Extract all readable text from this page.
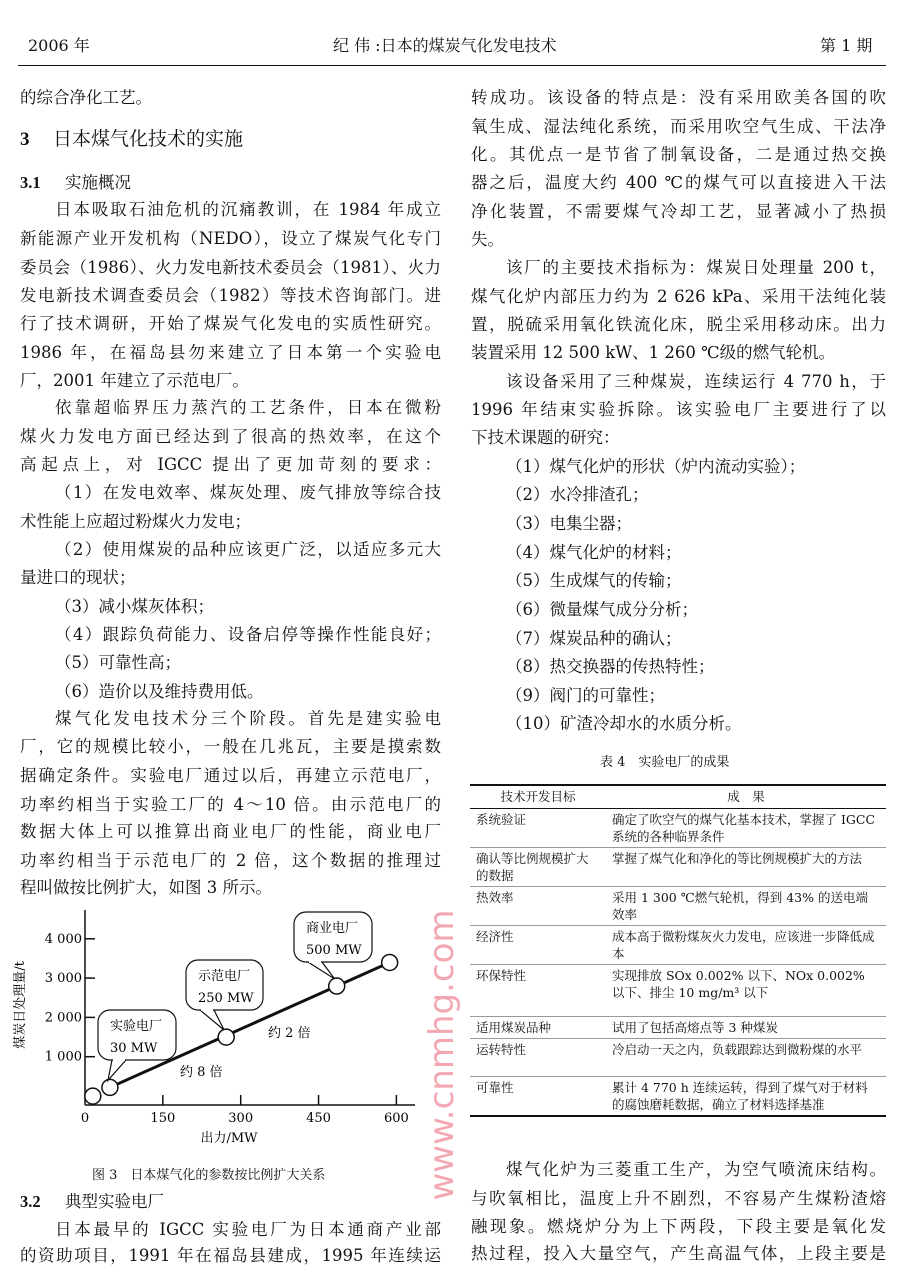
2006 年	纪 伟 :日本的煤炭气化发电技术	第 1 期
3 日本煤气化技术的实施
3.1 实施概况
3.2 典型实验电厂
的综合净化工艺。
日本吸取石油危机的沉痛教训，在 1984 年成立
新能源产业开发机构（NEDO），设立了煤炭气化专门
委员会（1986）、火力发电新技术委员会（1981）、火力
发电新技术调查委员会（1982）等技术咨询部门。进
行了技术调研，开始了煤炭气化发电的实质性研究。
1986 年，在福岛县勿来建立了日本第一个实验电
厂，2001 年建立了示范电厂。
依靠超临界压力蒸汽的工艺条件，日本在微粉
煤火力发电方面已经达到了很高的热效率，在这个
高起点上，对 IGCC 提出了更加苛刻的要求：
（1）在发电效率、煤灰处理、废气排放等综合技
术性能上应超过粉煤火力发电；
（2）使用煤炭的品种应该更广泛，以适应多元大
量进口的现状；
（3）减小煤灰体积；
（4）跟踪负荷能力、设备启停等操作性能良好；
（5）可靠性高；
（6）造价以及维持费用低。
煤气化发电技术分三个阶段。首先是建实验电
厂，它的规模比较小，一般在几兆瓦，主要是摸索数
据确定条件。实验电厂通过以后，再建立示范电厂，
功率约相当于实验工厂的 4～10 倍。由示范电厂的
数据大体上可以推算出商业电厂的性能，商业电厂
功率约相当于示范电厂的 2 倍，这个数据的推理过
程叫做按比例扩大，如图 3 所示。
日本最早的 IGCC 实验电厂为日本通商产业部
的资助项目，1991 年在福岛县建成，1995 年连续运
转成功。该设备的特点是：没有采用欧美各国的吹
氧生成、湿法纯化系统，而采用吹空气生成、干法净
化。其优点一是节省了制氧设备，二是通过热交换
器之后，温度大约 400 ℃的煤气可以直接进入干法
净化装置，不需要煤气冷却工艺，显著减小了热损
失。
该厂的主要技术指标为：煤炭日处理量 200 t，
煤气化炉内部压力约为 2 626 kPa、采用干法纯化装
置，脱硫采用氧化铁流化床，脱尘采用移动床。出力
装置采用 12 500 kW、1 260 ℃级的燃气轮机。
该设备采用了三种煤炭，连续运行 4 770 h，于
1996 年结束实验拆除。该实验电厂主要进行了以
下技术课题的研究：
（1）煤气化炉的形状（炉内流动实验）；
（2）水冷排渣孔；
（3）电集尘器；
（4）煤气化炉的材料；
（5）生成煤气的传输；
（6）微量煤气成分分析；
（7）煤炭品种的确认；
（8）热交换器的传热特性；
（9）阀门的可靠性；
（10）矿渣冷却水的水质分析。
煤气化炉为三菱重工生产，为空气喷流床结构。
与吹氧相比，温度上升不剧烈，不容易产生煤粉渣熔
融现象。燃烧炉分为上下两段，下段主要是氧化发
热过程，投入大量空气，产生高温气体，上段主要是
0	150	300	450	600
1 000
2 000
3 000
4 000
出力/MW
煤炭日处理量/t	实验电厂
30 MW
示范电厂
250 MW
商业电厂
500 MW
约 8 倍
约 2 倍
图 3　日本煤气化的参数按比例扩大关系
表 4　实验电厂的成果
技术开发目标	成　果
系统验证	确定了吹空气的煤气化基本技术，掌握了 IGCC 系统的各种临界条件
确认等比例规模扩大的数据	掌握了煤气化和净化的等比例规模扩大的方法
热效率	采用 1 300 ℃燃气轮机，得到 43% 的送电端效率
经济性	成本高于微粉煤灰火力发电，应该进一步降低成本
环保特性	实现排放 SOx 0.002% 以下、NOx 0.002% 以下、排尘 10 mg/m³ 以下
适用煤炭品种	试用了包括高熔点等 3 种煤炭
运转特性	冷启动一天之内，负载跟踪达到微粉煤的水平
可靠性	累计 4 770 h 连续运转，得到了煤气对于材料的腐蚀磨耗数据，确立了材料选择基准
www.cnmhg.com
